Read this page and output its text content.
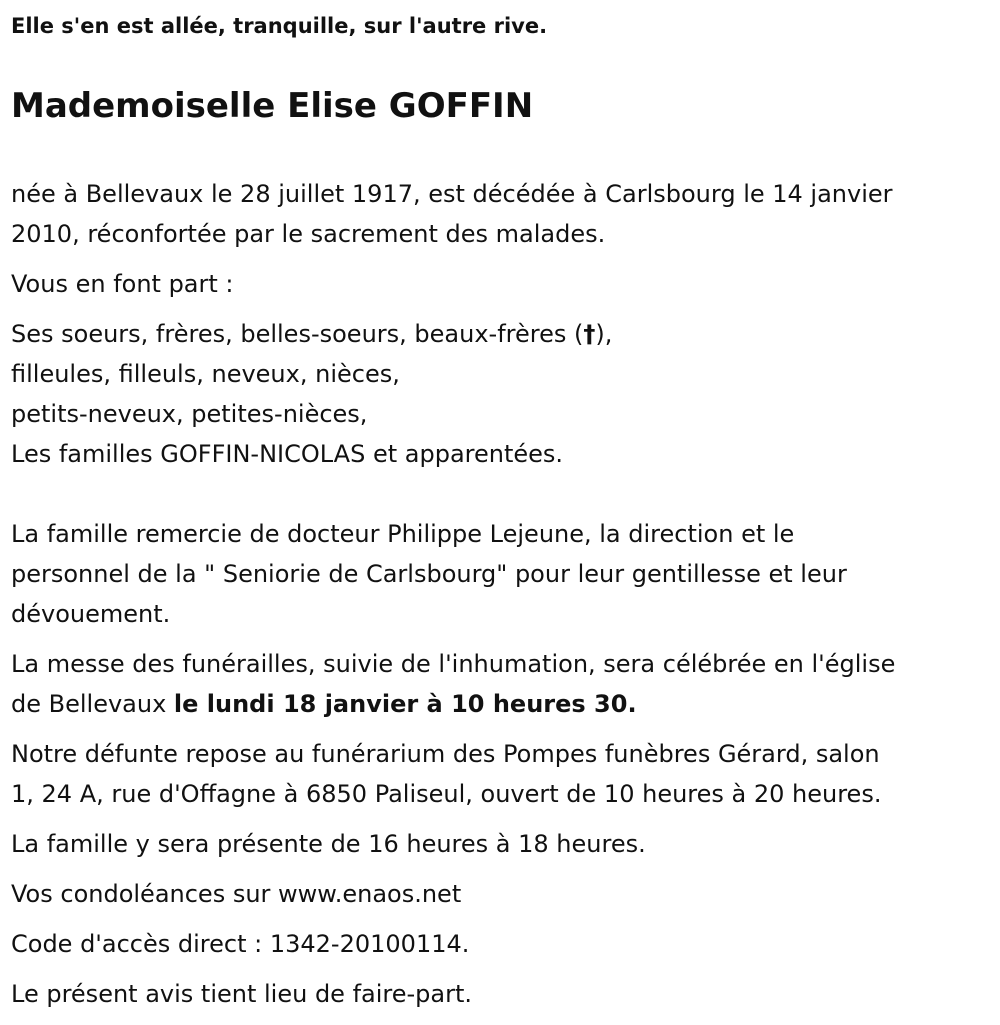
Elle s'en est allée, tranquille, sur l'autre rive.
Mademoiselle Elise GOFFIN
née à Bellevaux le 28 juillet 1917, est décédée à Carlsbourg le 14 janvier
2010, réconfortée par le sacrement des malades.
Vous en font part :
Ses soeurs, frères, belles-soeurs, beaux-frères (†),
filleules, filleuls, neveux, nièces,
petits-neveux, petites-nièces,
Les familles GOFFIN-NICOLAS et apparentées.
La famille remercie de docteur Philippe Lejeune, la direction et le
personnel de la " Seniorie de Carlsbourg" pour leur gentillesse et leur
dévouement.
La messe des funérailles, suivie de l'inhumation, sera célébrée en l'église
de Bellevaux le lundi 18 janvier à 10 heures 30.
Notre défunte repose au funérarium des Pompes funèbres Gérard, salon
1, 24 A, rue d'Offagne à 6850 Paliseul, ouvert de 10 heures à 20 heures.
La famille y sera présente de 16 heures à 18 heures.
Vos condoléances sur www.enaos.net
Code d'accès direct : 1342-20100114.
Le présent avis tient lieu de faire-part.
